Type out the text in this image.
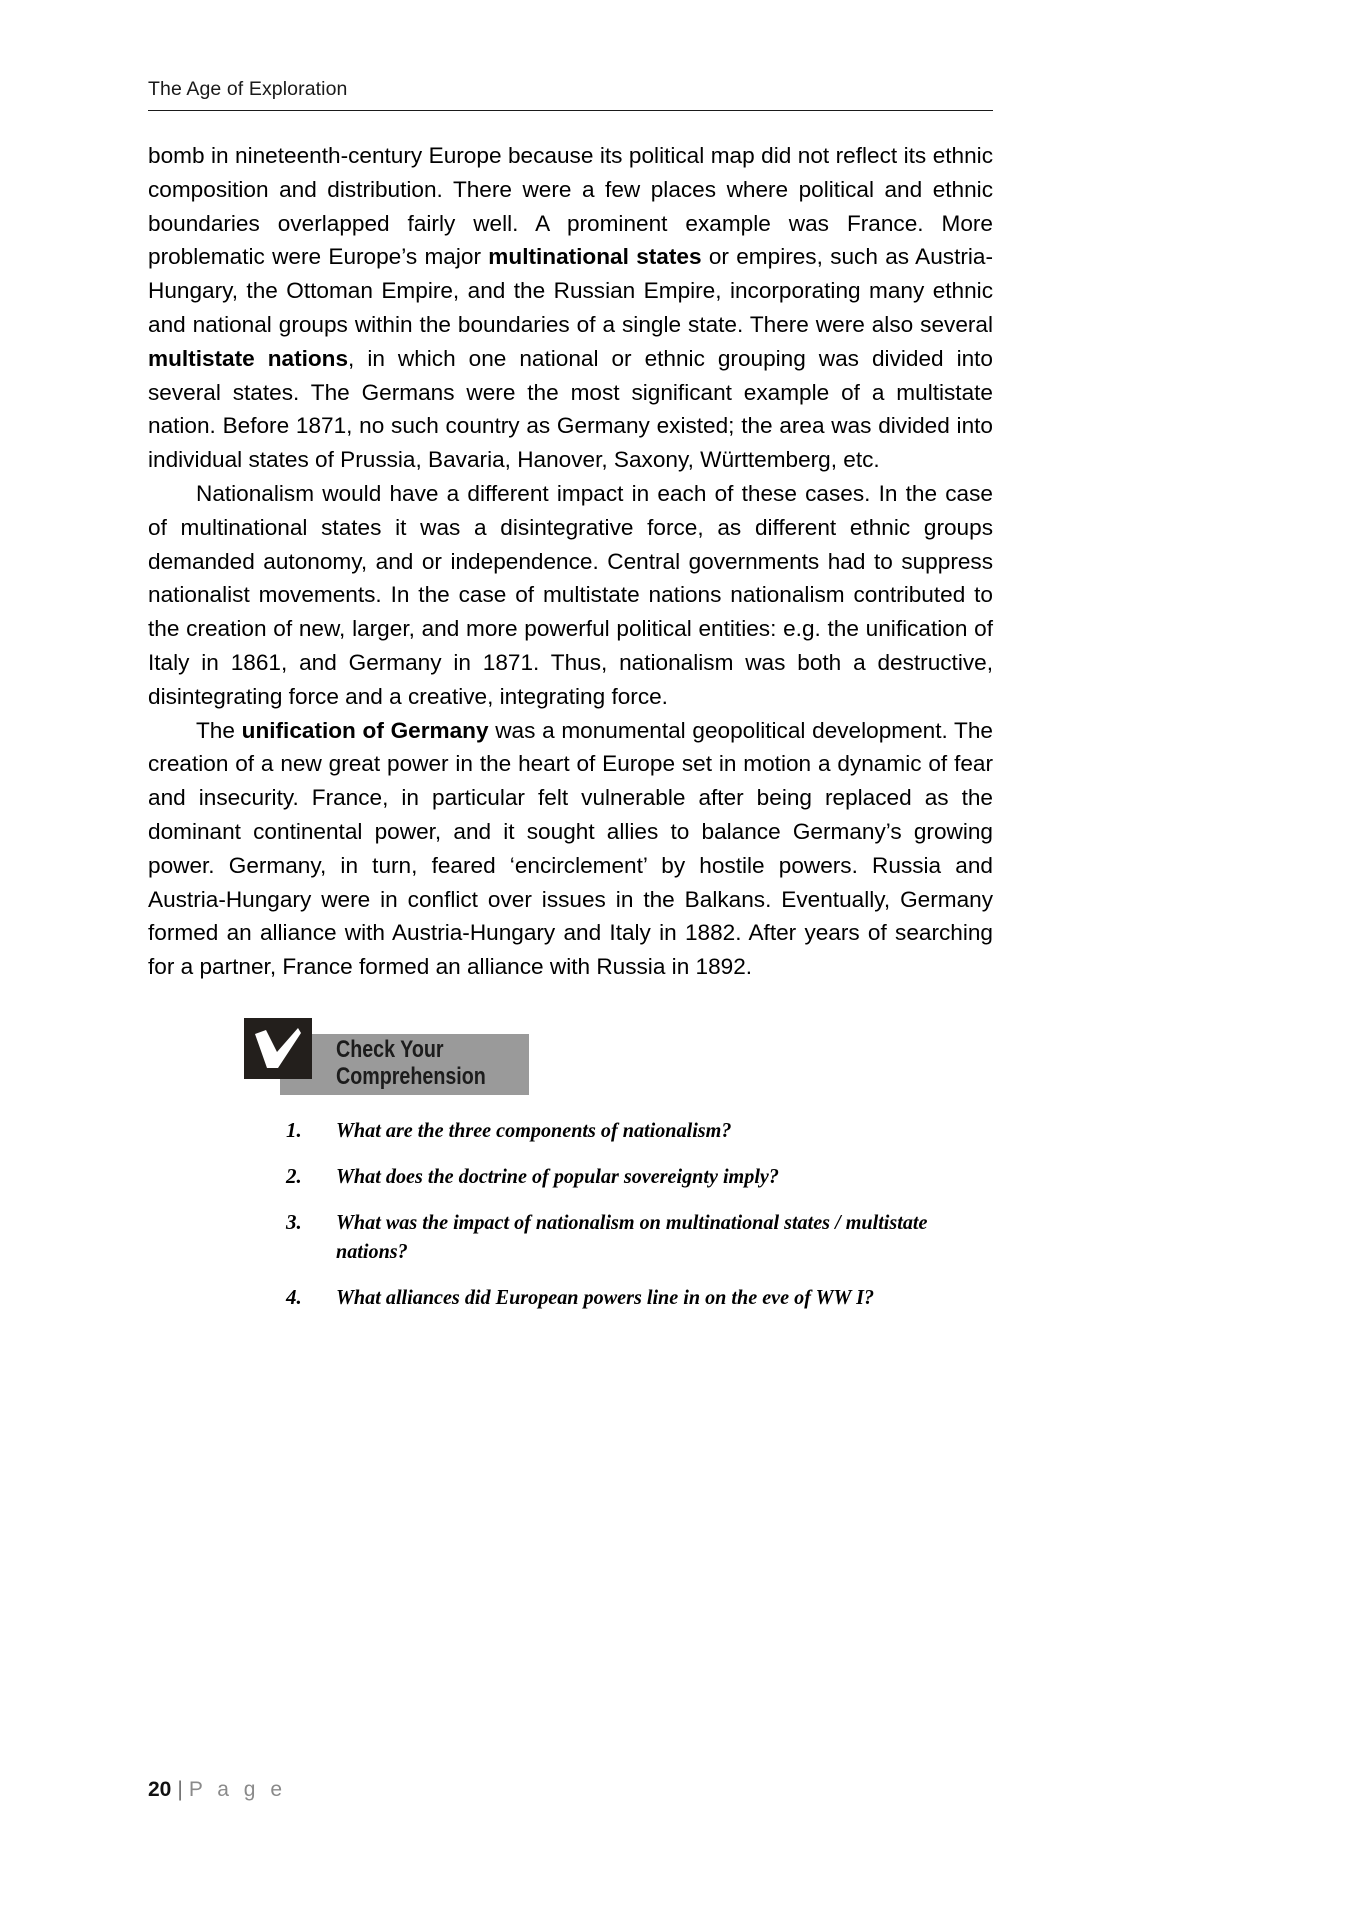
The Age of Exploration

bomb in nineteenth-century Europe because its political map did not reflect its ethnic composition and distribution. There were a few places where political and ethnic boundaries overlapped fairly well. A prominent example was France. More problematic were Europe’s major multinational states or empires, such as Austria-Hungary, the Ottoman Empire, and the Russian Empire, incorporating many ethnic and national groups within the boundaries of a single state. There were also several multistate nations, in which one national or ethnic grouping was divided into several states. The Germans were the most significant example of a multistate nation. Before 1871, no such country as Germany existed; the area was divided into individual states of Prussia, Bavaria, Hanover, Saxony, Württemberg, etc.

Nationalism would have a different impact in each of these cases. In the case of multinational states it was a disintegrative force, as different ethnic groups demanded autonomy, and or independence. Central governments had to suppress nationalist movements. In the case of multistate nations nationalism contributed to the creation of new, larger, and more powerful political entities: e.g. the unification of Italy in 1861, and Germany in 1871. Thus, nationalism was both a destructive, disintegrating force and a creative, integrating force.

The unification of Germany was a monumental geopolitical development. The creation of a new great power in the heart of Europe set in motion a dynamic of fear and insecurity. France, in particular felt vulnerable after being replaced as the dominant continental power, and it sought allies to balance Germany’s growing power. Germany, in turn, feared ‘encirclement’ by hostile powers. Russia and Austria-Hungary were in conflict over issues in the Balkans. Eventually, Germany formed an alliance with Austria-Hungary and Italy in 1882. After years of searching for a partner, France formed an alliance with Russia in 1892.

Check Your
Comprehension
1.	What are the three components of nationalism?
2.	What does the doctrine of popular sovereignty imply?
3.	What was the impact of nationalism on multinational states / multistate nations?
4.	What alliances did European powers line in on the eve of WW I?
20 | P a g e
